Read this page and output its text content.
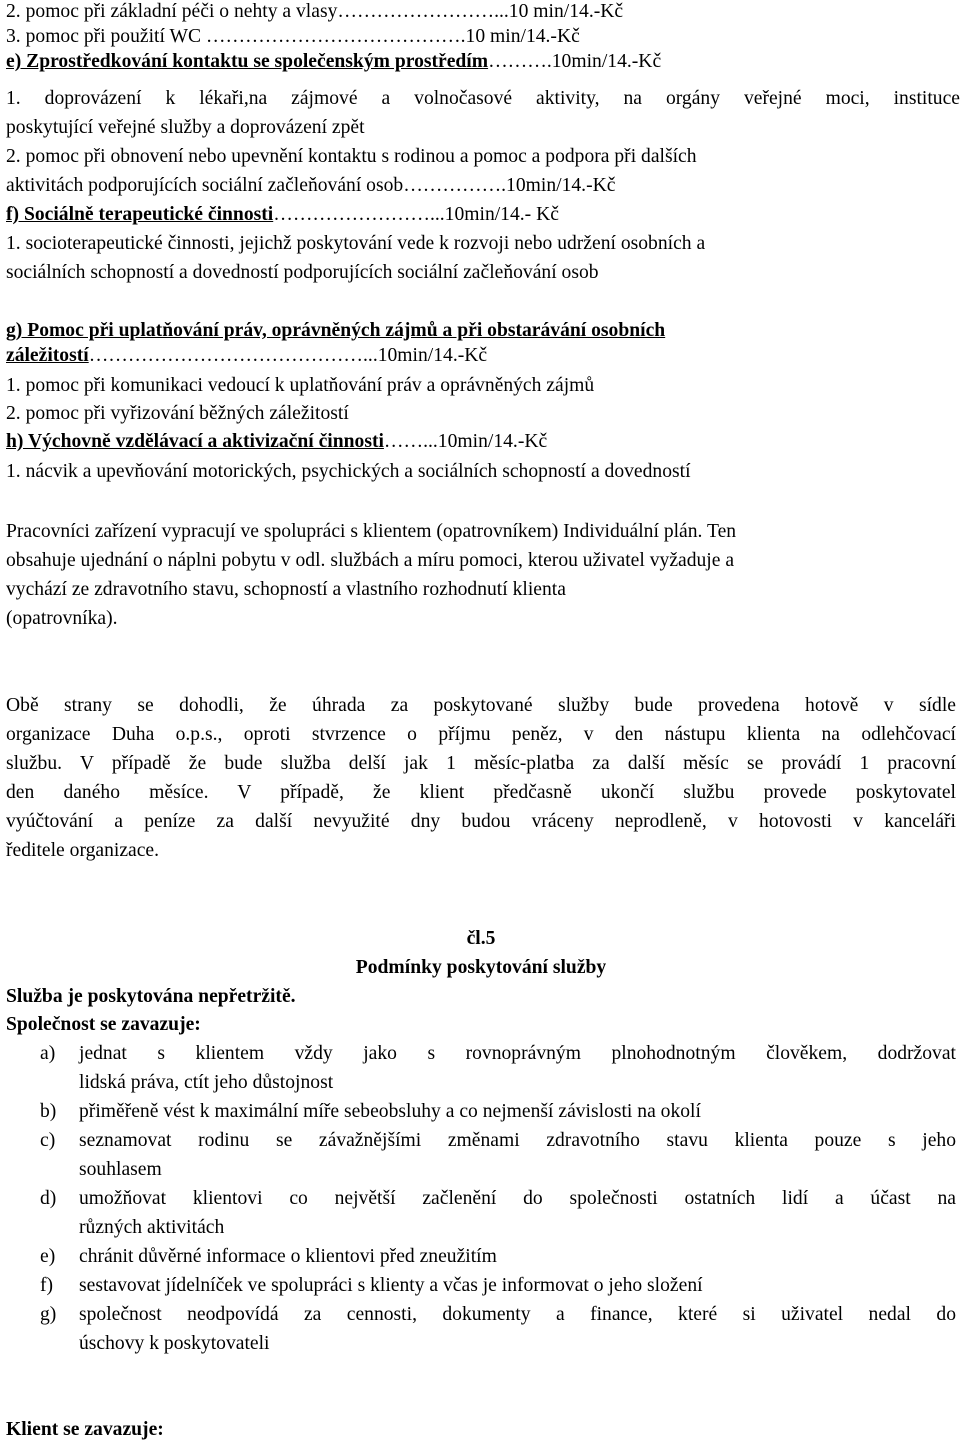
2. pomoc při základní péči o nehty a vlasy……………………...10 min/14.-Kč
3. pomoc při použití WC ………………………………….10 min/14.-Kč
e) Zprostředkování kontaktu se společenským prostředím……….10min/14.-Kč
1. doprovázení k lékaři,na zájmové a volnočasové aktivity, na orgány veřejné moci, instituce
poskytující veřejné služby a doprovázení zpět
2. pomoc při obnovení nebo upevnění kontaktu s rodinou a pomoc a podpora při dalších
aktivitách podporujících sociální začleňování osob…………….10min/14.-Kč
f) Sociálně terapeutické činnosti……………………...10min/14.- Kč
1. socioterapeutické činnosti, jejichž poskytování vede k rozvoji nebo udržení osobních a
sociálních schopností a dovedností podporujících sociální začleňování osob
g) Pomoc při uplatňování práv, oprávněných zájmů a při obstarávání osobních
záležitostí……………………………………...10min/14.-Kč
1. pomoc při komunikaci vedoucí k uplatňování práv a oprávněných zájmů
2. pomoc při vyřizování běžných záležitostí
h) Výchovně vzdělávací a aktivizační činnosti……...10min/14.-Kč
1. nácvik a upevňování motorických, psychických a sociálních schopností a dovedností
Pracovníci zařízení vypracují ve spolupráci s klientem (opatrovníkem) Individuální plán. Ten
obsahuje ujednání o náplni pobytu v odl. službách a míru pomoci, kterou uživatel vyžaduje a
vychází ze zdravotního stavu, schopností a vlastního rozhodnutí klienta
(opatrovníka).
Obě strany se dohodli, že úhrada za poskytované služby bude provedena hotově v sídle
organizace Duha o.p.s., oproti stvrzence o příjmu peněz, v den nástupu klienta na odlehčovací
službu. V případě že bude služba delší jak 1 měsíc-platba za další měsíc se provádí 1 pracovní
den daného měsíce. V případě, že klient předčasně ukončí službu provede poskytovatel
vyúčtování a peníze za další nevyužité dny budou vráceny neprodleně, v hotovosti v kanceláři
ředitele organizace.
čl.5
Podmínky poskytování služby
Služba je poskytována nepřetržitě.
Společnost se zavazuje:
a)	jednat s klientem vždy jako s rovnoprávným plnohodnotným člověkem, dodržovat
lidská práva, ctít jeho důstojnost
b)	přiměřeně vést k maximální míře sebeobsluhy a co nejmenší závislosti na okolí
c)	seznamovat rodinu se závažnějšími změnami zdravotního stavu klienta pouze s jeho
souhlasem
d)	umožňovat klientovi co největší začlenění do společnosti ostatních lidí a účast na
různých aktivitách
e)	chránit důvěrné informace o klientovi před zneužitím
f)	sestavovat jídelníček ve spolupráci s klienty a včas je informovat o jeho složení
g)	společnost neodpovídá za cennosti, dokumenty a finance, které si uživatel nedal do
úschovy k poskytovateli
Klient se zavazuje:
